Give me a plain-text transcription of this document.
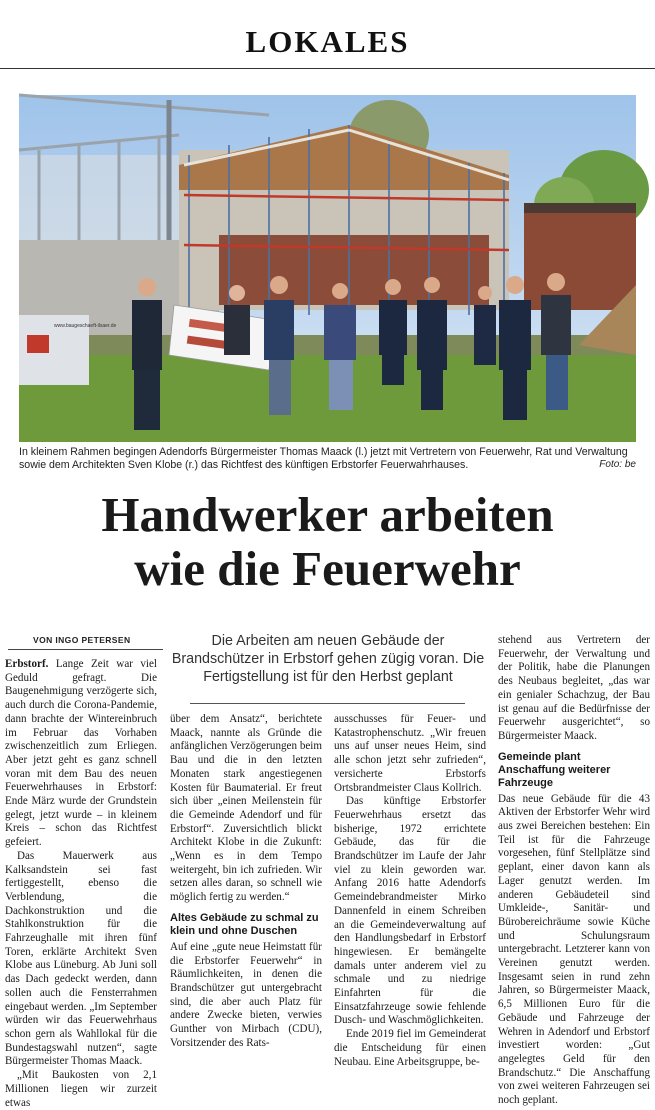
LOKALES
www.baugeschaeft-ilsaer.de
In kleinem Rahmen begingen Adendorfs Bürgermeister Thomas Maack (l.) jetzt mit Vertretern von Feuerwehr, Rat und Verwaltung sowie dem Architekten Sven Klobe (r.) das Richtfest des künftigen Erbstorfer Feuerwahrhauses.	Foto: be
Handwerker arbeiten
wie die Feuerwehr
VON INGO PETERSEN	Die Arbeiten am neuen Gebäude der Brandschützer in Erbstorf gehen zügig voran. Die Fertigstellung ist für den Herbst geplant

Erbstorf. Lange Zeit war viel Geduld gefragt. Die Baugenehmigung verzögerte sich, auch durch die Corona-Pandemie, dann brachte der Wintereinbruch im Februar das Vorhaben zwischenzeitlich zum Erliegen. Aber jetzt geht es ganz schnell voran mit dem Bau des neuen Feuerwehrhauses in Erbstorf: Ende März wurde der Grundstein gelegt, jetzt wurde – in kleinem Kreis – schon das Richtfest gefeiert.

Das Mauerwerk aus Kalksandstein sei fast fertiggestellt, ebenso die Verblendung, die Dachkonstruktion und die Stahlkonstruktion für die Fahrzeughalle mit ihren fünf Toren, erklärte Architekt Sven Klobe aus Lüneburg. Ab Juni soll das Dach gedeckt werden, dann sollen auch die Fensterrahmen eingebaut werden. „Im September würden wir das Feuerwehrhaus schon gern als Wahllokal für die Bundestagswahl nutzen“, sagte Bürgermeister Thomas Maack.

„Mit Baukosten von 2,1 Millionen liegen wir zurzeit etwas

über dem Ansatz“, berichtete Maack, nannte als Gründe die anfänglichen Verzögerungen beim Bau und die in den letzten Monaten stark angestiegenen Kosten für Baumaterial. Er freut sich über „einen Meilenstein für die Gemeinde Adendorf und für Erbstorf“. Zuversichtlich blickt Architekt Klobe in die Zukunft: „Wenn es in dem Tempo weitergeht, bin ich zufrieden. Wir setzen alles daran, so schnell wie möglich fertig zu werden.“

Altes Gebäude zu schmal zu klein und ohne Duschen

Auf eine „gute neue Heimstatt für die Erbstorfer Feuerwehr“ in Räumlichkeiten, in denen die Brandschützer gut untergebracht sind, die aber auch Platz für andere Zwecke bieten, verwies Gunther von Mirbach (CDU), Vorsitzender des Rats-

ausschusses für Feuer- und Katastrophenschutz. „Wir freuen uns auf unser neues Heim, sind alle schon jetzt sehr zufrieden“, versicherte Erbstorfs Ortsbrandmeister Claus Kollrich.

Das künftige Erbstorfer Feuerwehrhaus ersetzt das bisherige, 1972 errichtete Gebäude, das für die Brandschützer im Laufe der Jahr viel zu klein geworden war. Anfang 2016 hatte Adendorfs Gemeindebrandmeister Mirko Dannenfeld in einem Schreiben an die Gemeindeverwaltung auf den Handlungsbedarf in Erbstorf hingewiesen. Er bemängelte damals unter anderem viel zu schmale und zu niedrige Einfahrten für die Einsatzfahrzeuge sowie fehlende Dusch- und Waschmöglichkeiten.

Ende 2019 fiel im Gemeinderat die Entscheidung für einen Neubau. Eine Arbeitsgruppe, be-

stehend aus Vertretern der Feuerwehr, der Verwaltung und der Politik, habe die Planungen des Neubaus begleitet, „das war ein genialer Schachzug, der Bau ist genau auf die Bedürfnisse der Feuerwehr ausgerichtet“, so Bürgermeister Maack.

Gemeinde plant Anschaffung weiterer Fahrzeuge

Das neue Gebäude für die 43 Aktiven der Erbstorfer Wehr wird aus zwei Bereichen bestehen: Ein Teil ist für die Fahrzeuge vorgesehen, fünf Stellplätze sind geplant, einer davon kann als Lager genutzt werden. Im anderen Gebäudeteil sind Umkleide-, Sanitär- und Bürobereichräume sowie Küche und Schulungsraum untergebracht. Letzterer kann von Vereinen genutzt werden. Insgesamt seien in rund zehn Jahren, so Bürgermeister Maack, 6,5 Millionen Euro für die Gebäude und Fahrzeuge der Wehren in Adendorf und Erbstorf investiert worden: „Gut angelegtes Geld für den Brandschutz.“ Die Anschaffung von zwei weiteren Fahrzeugen sei noch geplant.
